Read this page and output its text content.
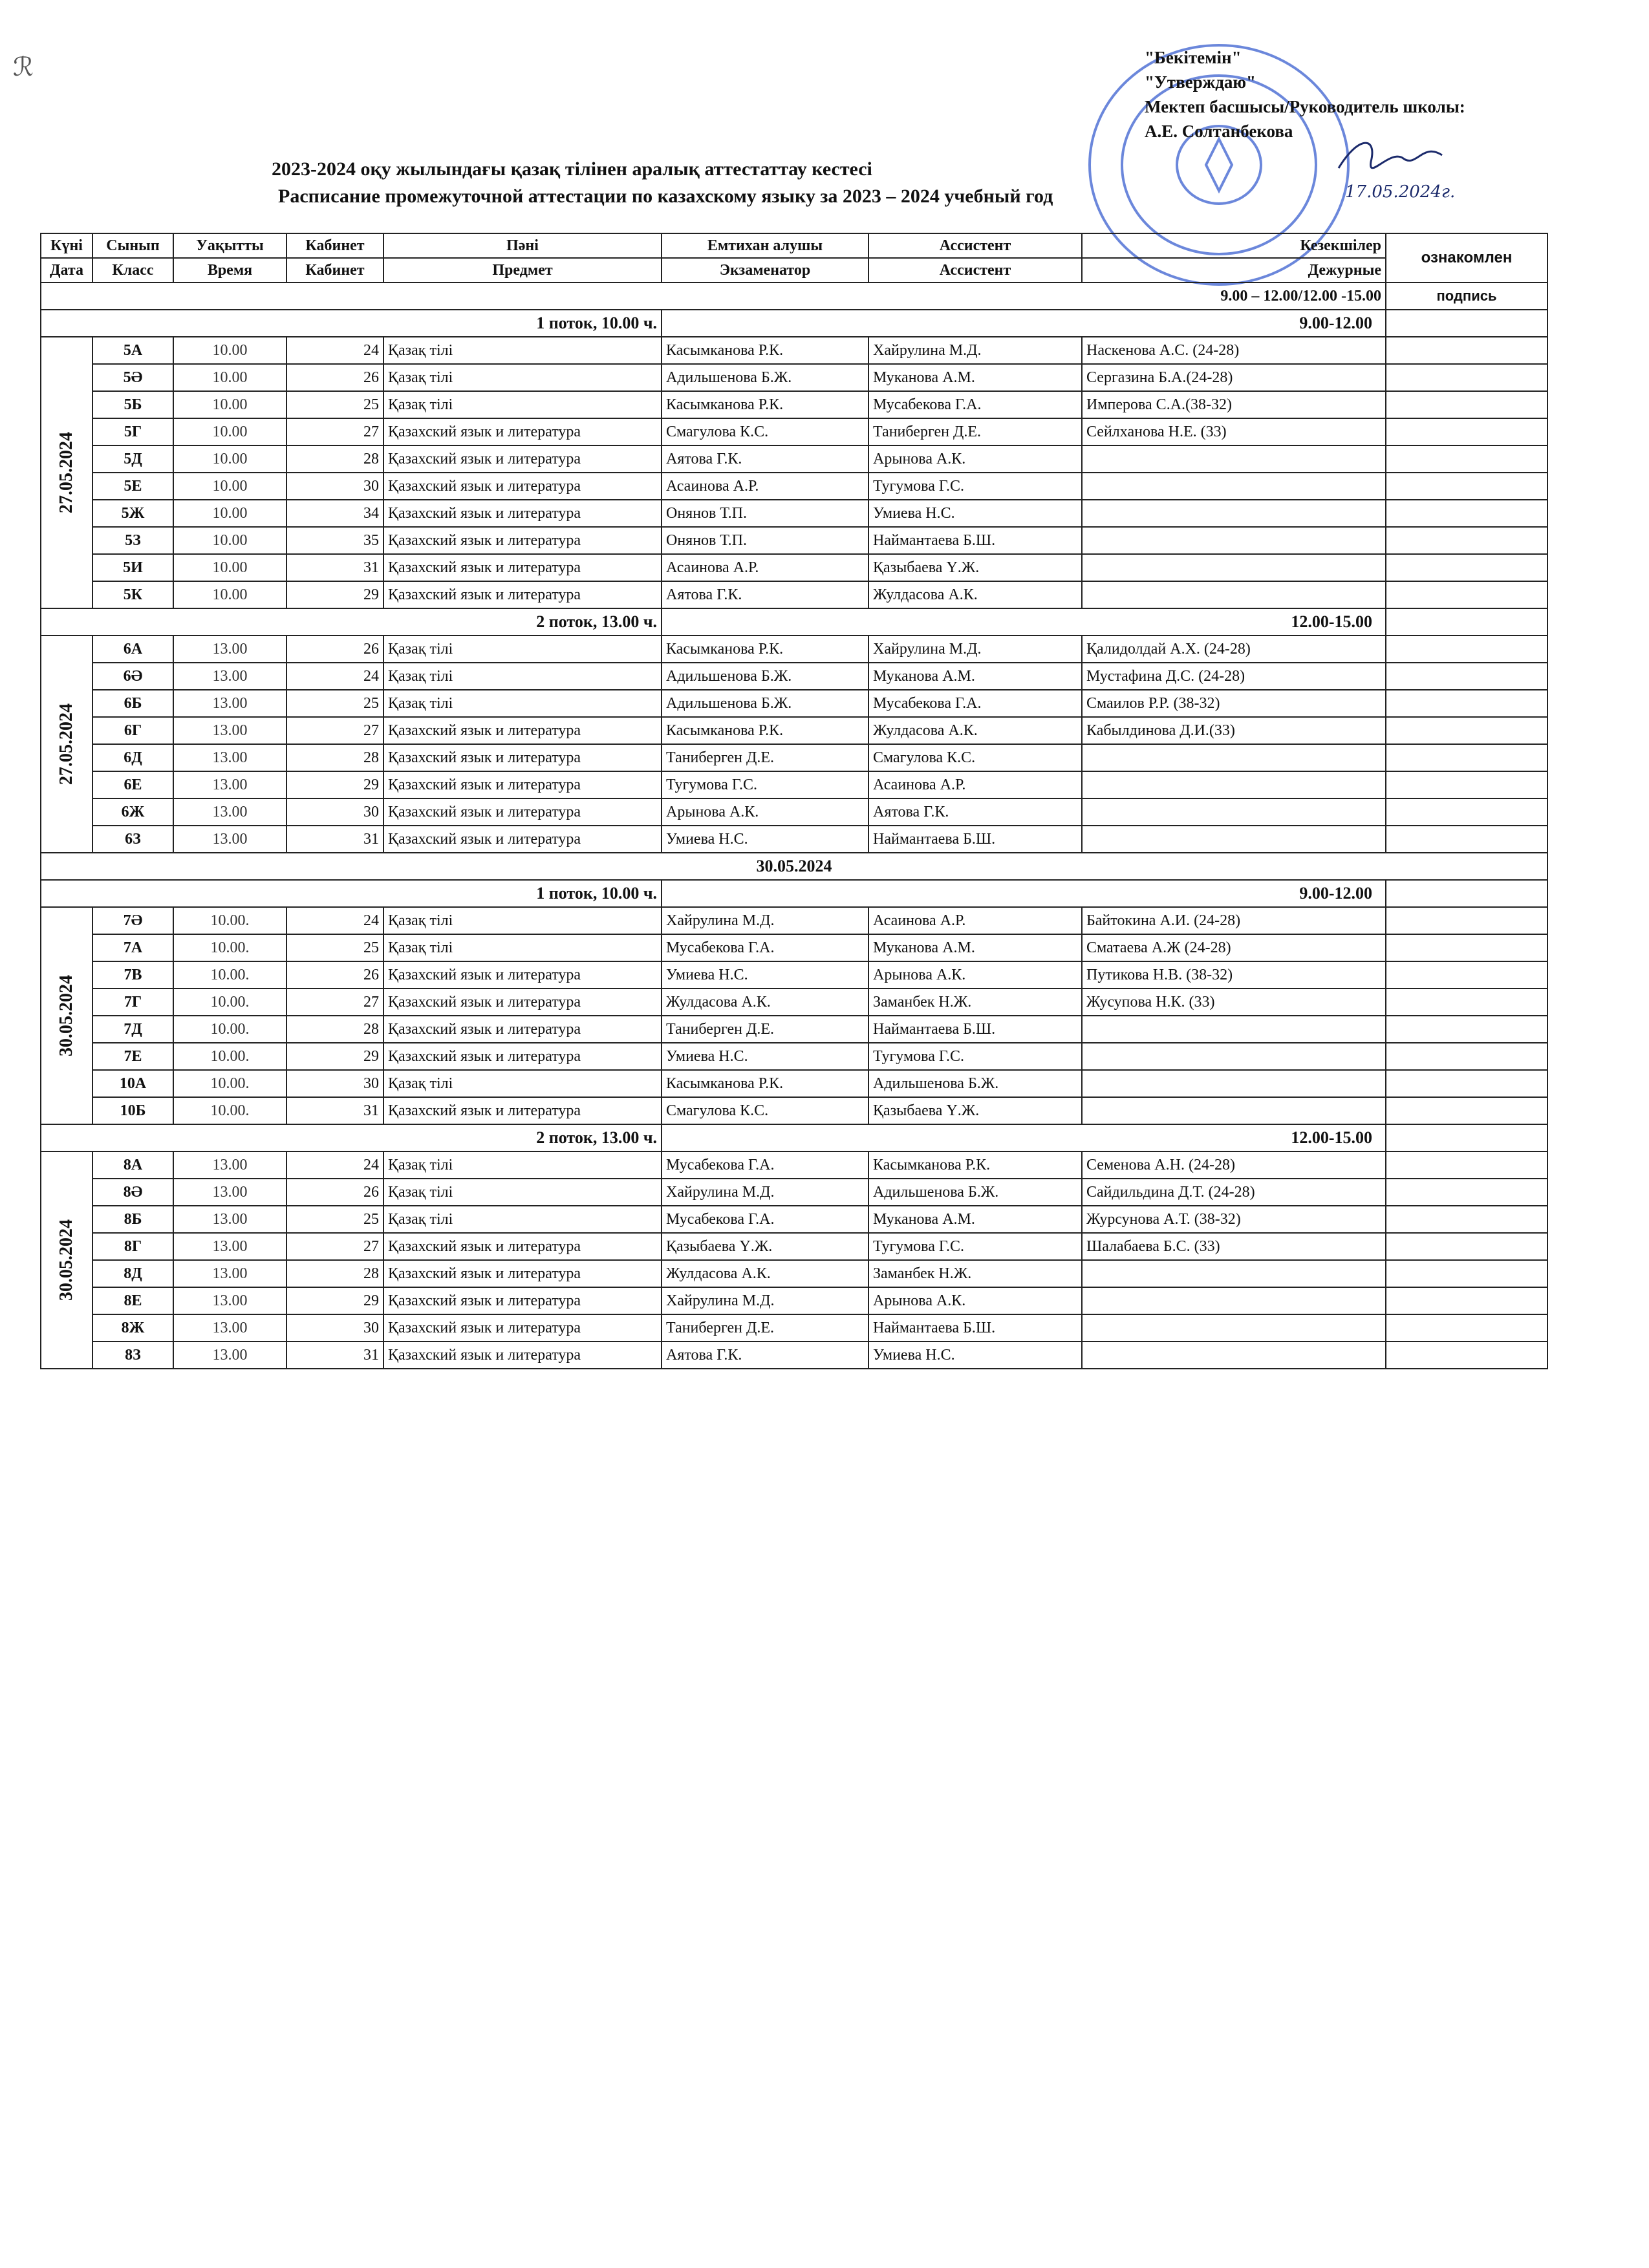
ℛ	"Бекітемін"
"Утверждаю"
Мектеп басшысы/Руководитель школы:
А.Е. Солтанбекова
17.05.2024г.
2023-2024 оқу жылындағы қазақ тілінен аралық аттестаттау кестесі
Расписание промежуточной аттестации по казахскому языку за 2023 – 2024 учебный год
Күні	Сынып	Уақытты	Кабинет	Пәні	Емтихан алушы	Ассистент	Кезекшілер	ознакомлен
Дата	Класс	Время	Кабинет	Предмет	Экзаменатор	Ассистент	Дежурные	
9.00 – 12.00/12.00 -15.00								подпись
1 поток, 10.00 ч.					9.00-12.00			
27.05.2024	5А	10.00	24	Қазақ тілі	Касымканова Р.К.	Хайрулина М.Д.	Наскенова А.С. (24-28)	
	5Ә	10.00	26	Қазақ тілі	Адильшенова Б.Ж.	Муканова А.М.	Сергазина Б.А.(24-28)	
	5Б	10.00	25	Қазақ тілі	Касымканова Р.К.	Мусабекова Г.А.	Имперова С.А.(38-32)	
	5Г	10.00	27	Қазахский язык и литература	Смагулова К.С.	Таниберген Д.Е.	Сейлханова Н.Е. (33)	
	5Д	10.00	28	Қазахский язык и литература	Аятова Г.К.	Арынова А.К.		
	5Е	10.00	30	Қазахский язык и литература	Асаинова А.Р.	Тугумова Г.С.		
	5Ж	10.00	34	Қазахский язык и литература	Онянов Т.П.	Умиева Н.С.		
	5З	10.00	35	Қазахский язык и литература	Онянов Т.П.	Наймантаева Б.Ш.		
	5И	10.00	31	Қазахский язык и литература	Асаинова А.Р.	Қазыбаева Ү.Ж.		
	5К	10.00	29	Қазахский язык и литература	Аятова Г.К.	Жулдасова А.К.		
2 поток, 13.00 ч.					12.00-15.00			
27.05.2024	6А	13.00	26	Қазақ тілі	Касымканова Р.К.	Хайрулина М.Д.	Қалидолдай А.Х. (24-28)	
	6Ә	13.00	24	Қазақ тілі	Адильшенова Б.Ж.	Муканова А.М.	Мустафина Д.С. (24-28)	
	6Б	13.00	25	Қазақ тілі	Адильшенова Б.Ж.	Мусабекова Г.А.	Смаилов Р.Р. (38-32)	
	6Г	13.00	27	Қазахский язык и литература	Касымканова Р.К.	Жулдасова А.К.	Кабылдинова Д.И.(33)	
	6Д	13.00	28	Қазахский язык и литература	Таниберген Д.Е.	Смагулова К.С.		
	6Е	13.00	29	Қазахский язык и литература	Тугумова Г.С.	Асаинова А.Р.		
	6Ж	13.00	30	Қазахский язык и литература	Арынова А.К.	Аятова Г.К.		
	6З	13.00	31	Қазахский язык и литература	Умиева Н.С.	Наймантаева Б.Ш.		
30.05.2024								
1 поток, 10.00 ч.					9.00-12.00			
30.05.2024	7Ә	10.00.	24	Қазақ тілі	Хайрулина М.Д.	Асаинова А.Р.	Байтокина А.И. (24-28)	
	7А	10.00.	25	Қазақ тілі	Мусабекова Г.А.	Муканова А.М.	Сматаева А.Ж (24-28)	
	7В	10.00.	26	Қазахский язык и литература	Умиева Н.С.	Арынова А.К.	Путикова Н.В. (38-32)	
	7Г	10.00.	27	Қазахский язык и литература	Жулдасова А.К.	Заманбек Н.Ж.	Жусупова Н.К. (33)	
	7Д	10.00.	28	Қазахский язык и литература	Таниберген Д.Е.	Наймантаева Б.Ш.		
	7Е	10.00.	29	Қазахский язык и литература	Умиева Н.С.	Тугумова Г.С.		
	10А	10.00.	30	Қазақ тілі	Касымканова Р.К.	Адильшенова Б.Ж.		
	10Б	10.00.	31	Қазахский язык и литература	Смагулова К.С.	Қазыбаева Ү.Ж.		
2 поток, 13.00 ч.					12.00-15.00			
30.05.2024	8А	13.00	24	Қазақ тілі	Мусабекова Г.А.	Касымканова Р.К.	Семенова А.Н. (24-28)	
	8Ә	13.00	26	Қазақ тілі	Хайрулина М.Д.	Адильшенова Б.Ж.	Сайдильдина Д.Т. (24-28)	
	8Б	13.00	25	Қазақ тілі	Мусабекова Г.А.	Муканова А.М.	Журсунова А.Т. (38-32)	
	8Г	13.00	27	Қазахский язык и литература	Қазыбаева Ү.Ж.	Тугумова Г.С.	Шалабаева Б.С. (33)	
	8Д	13.00	28	Қазахский язык и литература	Жулдасова А.К.	Заманбек Н.Ж.		
	8Е	13.00	29	Қазахский язык и литература	Хайрулина М.Д.	Арынова А.К.		
	8Ж	13.00	30	Қазахский язык и литература	Таниберген Д.Е.	Наймантаева Б.Ш.		
	8З	13.00	31	Қазахский язык и литература	Аятова Г.К.	Умиева Н.С.		
